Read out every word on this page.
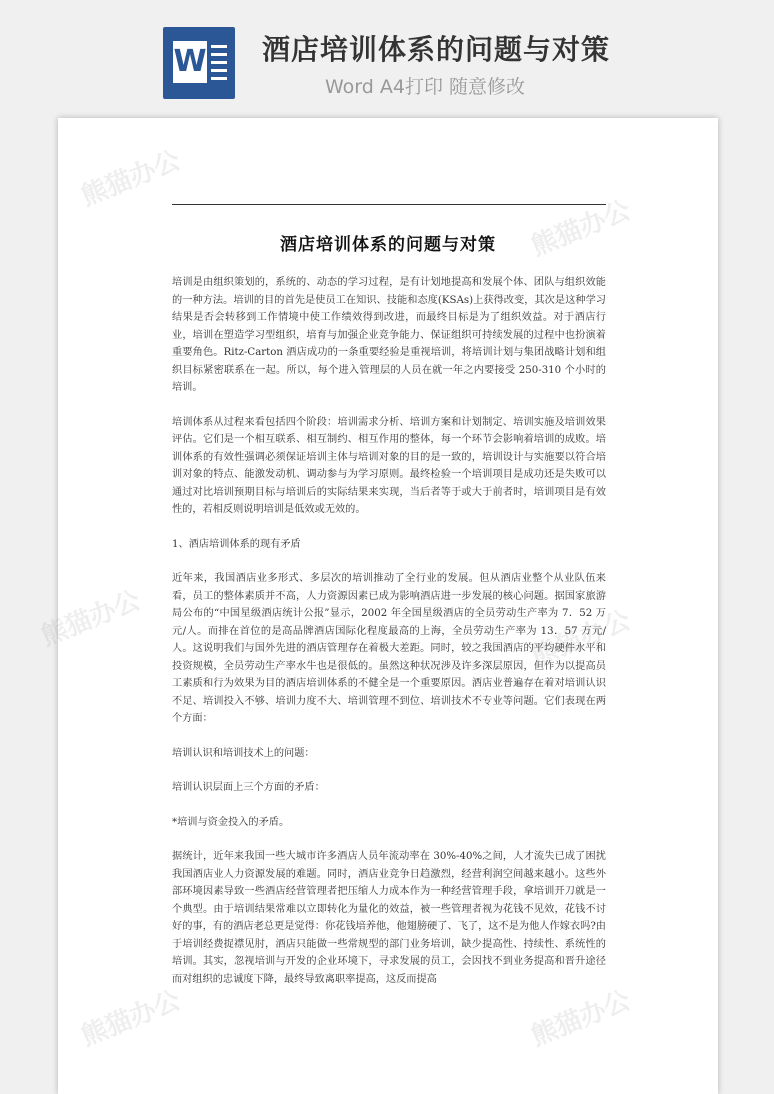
W 酒店培训体系的问题与对策
Word A4打印 随意修改
熊猫办公
熊猫办公
熊猫办公	熊猫办公
熊猫办公	熊猫办公
酒店培训体系的问题与对策

培训是由组织策划的，系统的、动态的学习过程，是有计划地提高和发展个体、团队与组织效能的一种方法。培训的目的首先是使员工在知识、技能和态度(KSAs)上获得改变，其次是这种学习结果是否会转移到工作情境中使工作绩效得到改进，而最终目标是为了组织效益。对于酒店行业，培训在塑造学习型组织，培育与加强企业竞争能力、保证组织可持续发展的过程中也扮演着重要角色。Ritz-Carton 酒店成功的一条重要经验是重视培训，将培训计划与集团战略计划和组织目标紧密联系在一起。所以，每个进入管理层的人员在就一年之内要接受 250-310 个小时的培训。

培训体系从过程来看包括四个阶段：培训需求分析、培训方案和计划制定、培训实施及培训效果评估。它们是一个相互联系、相互制约、相互作用的整体，每一个环节会影响着培训的成败。培训体系的有效性强调必须保证培训主体与培训对象的目的是一致的，培训设计与实施要以符合培训对象的特点、能激发动机、调动参与为学习原则。最终检验一个培训项目是成功还是失败可以通过对比培训预期目标与培训后的实际结果来实现，当后者等于或大于前者时，培训项目是有效性的，若相反则说明培训是低效或无效的。

1、酒店培训体系的现有矛盾

近年来，我国酒店业多形式、多层次的培训推动了全行业的发展。但从酒店业整个从业队伍来看，员工的整体素质并不高，人力资源因素已成为影响酒店进一步发展的核心问题。据国家旅游局公布的“中国星级酒店统计公报”显示，2002 年全国星级酒店的全员劳动生产率为 7．52 万元/人。而排在首位的是高品牌酒店国际化程度最高的上海，全员劳动生产率为 13．57 万元/人。这说明我们与国外先进的酒店管理存在着极大差距。同时，较之我国酒店的平均硬件水平和投资规模，全员劳动生产率水牛也是很低的。虽然这种状况涉及许多深层原因，但作为以提高员工素质和行为效果为目的酒店培训体系的不健全是一个重要原因。酒店业普遍存在着对培训认识不足、培训投入不够、培训力度不大、培训管理不到位、培训技术不专业等问题。它们表现在两个方面：

培训认识和培训技术上的问题：

培训认识层面上三个方面的矛盾：

*培训与资金投入的矛盾。

据统计，近年来我国一些大城市许多酒店人员年流动率在 30%-40%之间，人才流失已成了困扰我国酒店业人力资源发展的难题。同时，酒店业竞争日趋激烈，经营利润空间越来越小。这些外部环境因素导致一些酒店经营管理者把压缩人力成本作为一种经营管理手段，拿培训开刀就是一个典型。由于培训结果常难以立即转化为量化的效益，被一些管理者视为花钱不见效，花钱不讨好的事，有的酒店老总更是觉得：你花钱培养他，他翅膀硬了、飞了，这不是为他人作嫁衣吗?由于培训经费捉襟见肘，酒店只能做一些常规型的部门业务培训，缺少提高性、持续性、系统性的培训。其实，忽视培训与开发的企业环境下，寻求发展的员工，会因找不到业务提高和晋升途径而对组织的忠诚度下降，最终导致离职率提高，这反而提高
